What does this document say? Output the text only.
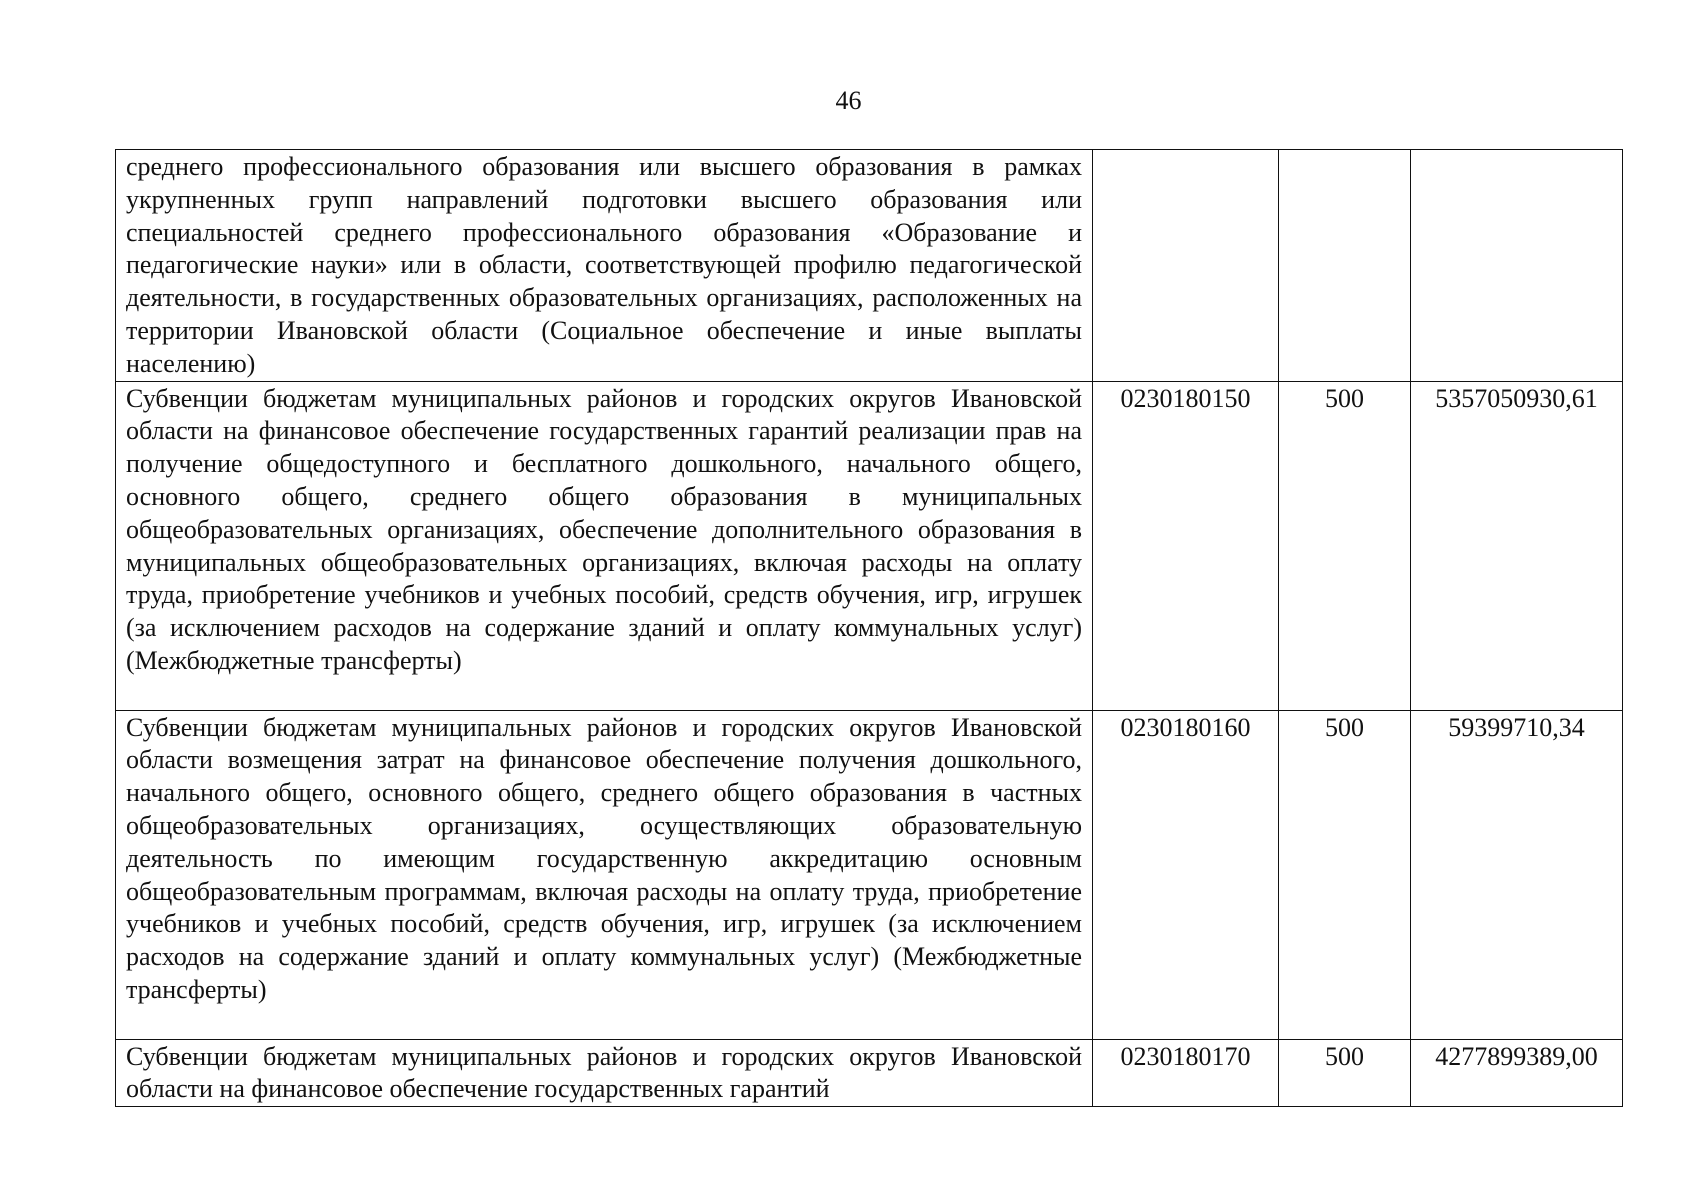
46
среднего профессионального образования или высшего образования в рамках укрупненных групп направлений подготовки высшего образования или специальностей среднего профессионального образования «Образование и педагогические науки» или в области, соответствующей профилю педагогической деятельности, в государственных образовательных организациях, расположенных на территории Ивановской области (Социальное обеспечение и иные выплаты населению)			
Субвенции бюджетам муниципальных районов и городских округов Ивановской области на финансовое обеспечение государственных гарантий реализации прав на получение общедоступного и бесплатного дошкольного, начального общего, основного общего, среднего общего образования в муниципальных общеобразовательных организациях, обеспечение дополнительного образования в муниципальных общеобразовательных организациях, включая расходы на оплату труда, приобретение учебников и учебных пособий, средств обучения, игр, игрушек (за исключением расходов на содержание зданий и оплату коммунальных услуг) (Межбюджетные трансферты)	0230180150	500	5357050930,61
Субвенции бюджетам муниципальных районов и городских округов Ивановской области возмещения затрат на финансовое обеспечение получения дошкольного, начального общего, основного общего, среднего общего образования в частных общеобразовательных организациях, осуществляющих образовательную деятельность по имеющим государственную аккредитацию основным общеобразовательным программам, включая расходы на оплату труда, приобретение учебников и учебных пособий, средств обучения, игр, игрушек (за исключением расходов на содержание зданий и оплату коммунальных услуг) (Межбюджетные трансферты)	0230180160	500	59399710,34
Субвенции бюджетам муниципальных районов и городских округов Ивановской области на финансовое обеспечение государственных гарантий	0230180170	500	4277899389,00
